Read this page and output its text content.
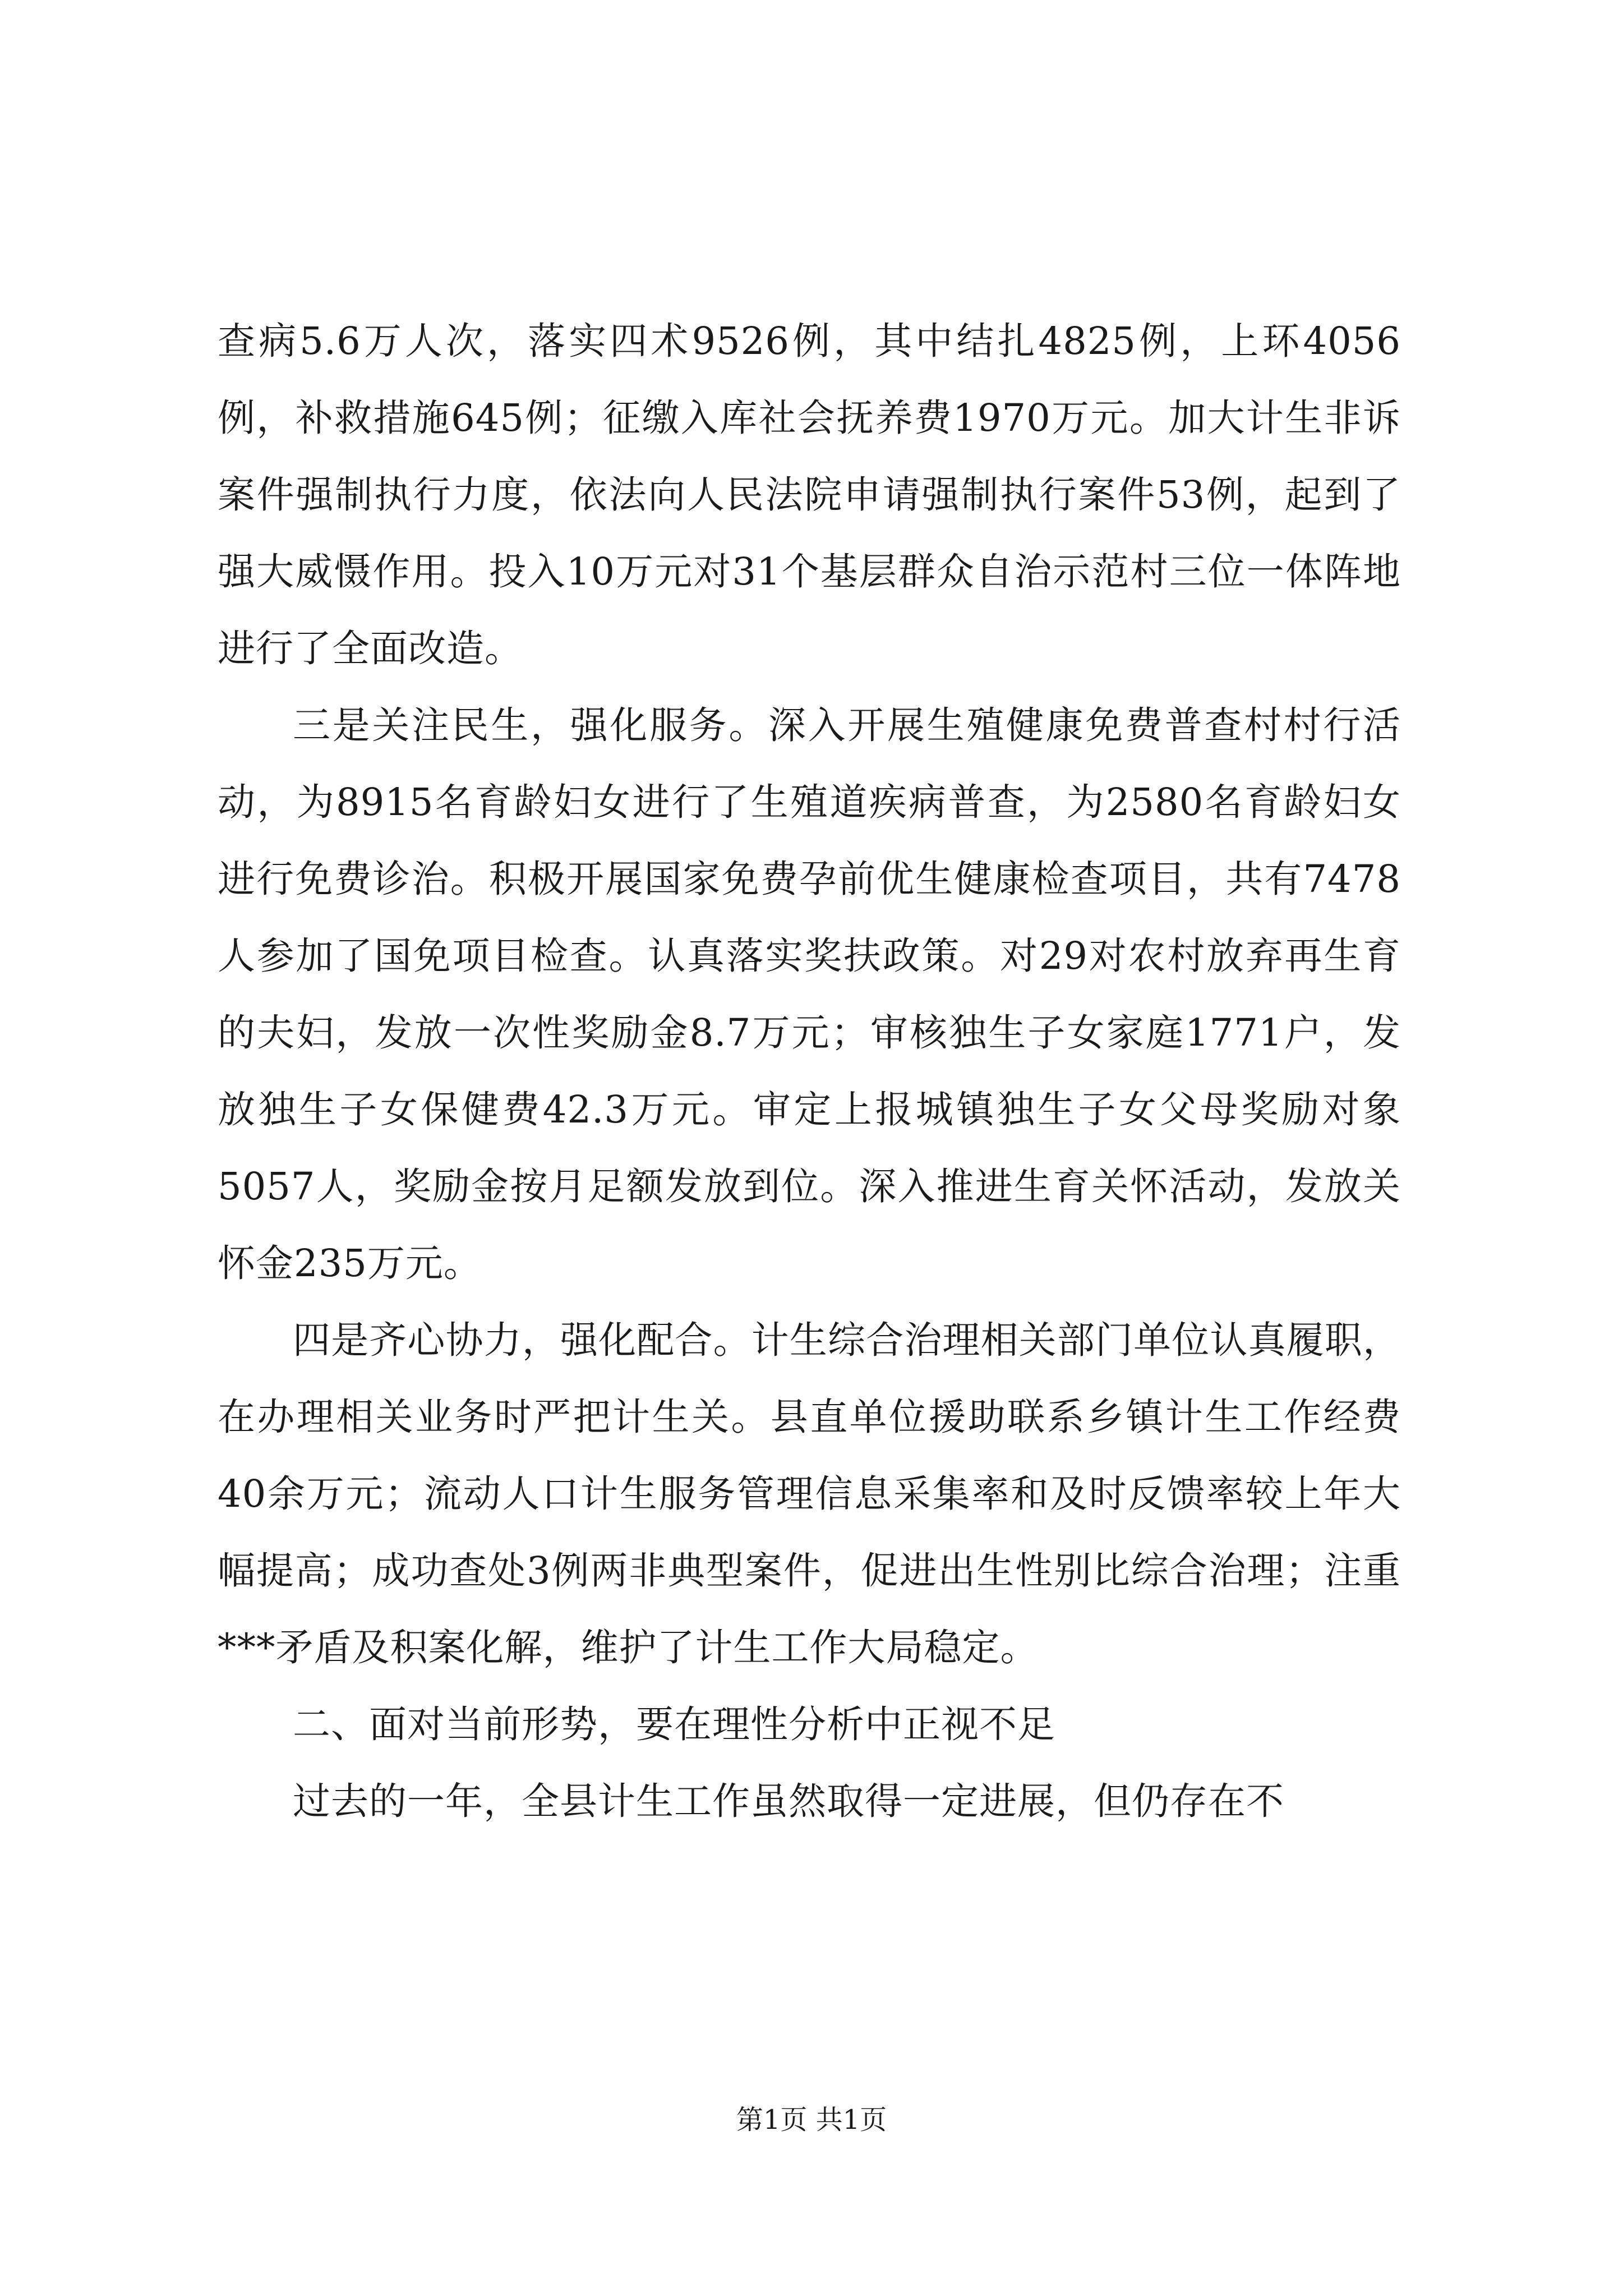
查病5.6万人次，落实四术9526例，其中结扎4825例，上环4056例，补救措施645例；征缴入库社会抚养费1970万元。加大计生非诉案件强制执行力度，依法向人民法院申请强制执行案件53例，起到了强大威慑作用。投入10万元对31个基层群众自治示范村三位一体阵地进行了全面改造。

三是关注民生，强化服务。深入开展生殖健康免费普查村村行活动，为8915名育龄妇女进行了生殖道疾病普查，为2580名育龄妇女进行免费诊治。积极开展国家免费孕前优生健康检查项目，共有7478人参加了国免项目检查。认真落实奖扶政策。对29对农村放弃再生育的夫妇，发放一次性奖励金8.7万元；审核独生子女家庭1771户，发放独生子女保健费42.3万元。审定上报城镇独生子女父母奖励对象5057人，奖励金按月足额发放到位。深入推进生育关怀活动，发放关怀金235万元。

四是齐心协力，强化配合。计生综合治理相关部门单位认真履职，在办理相关业务时严把计生关。县直单位援助联系乡镇计生工作经费40余万元；流动人口计生服务管理信息采集率和及时反馈率较上年大幅提高；成功查处3例两非典型案件，促进出生性别比综合治理；注重***矛盾及积案化解，维护了计生工作大局稳定。

二、面对当前形势，要在理性分析中正视不足

过去的一年，全县计生工作虽然取得一定进展，但仍存在不

第1页 共1页
